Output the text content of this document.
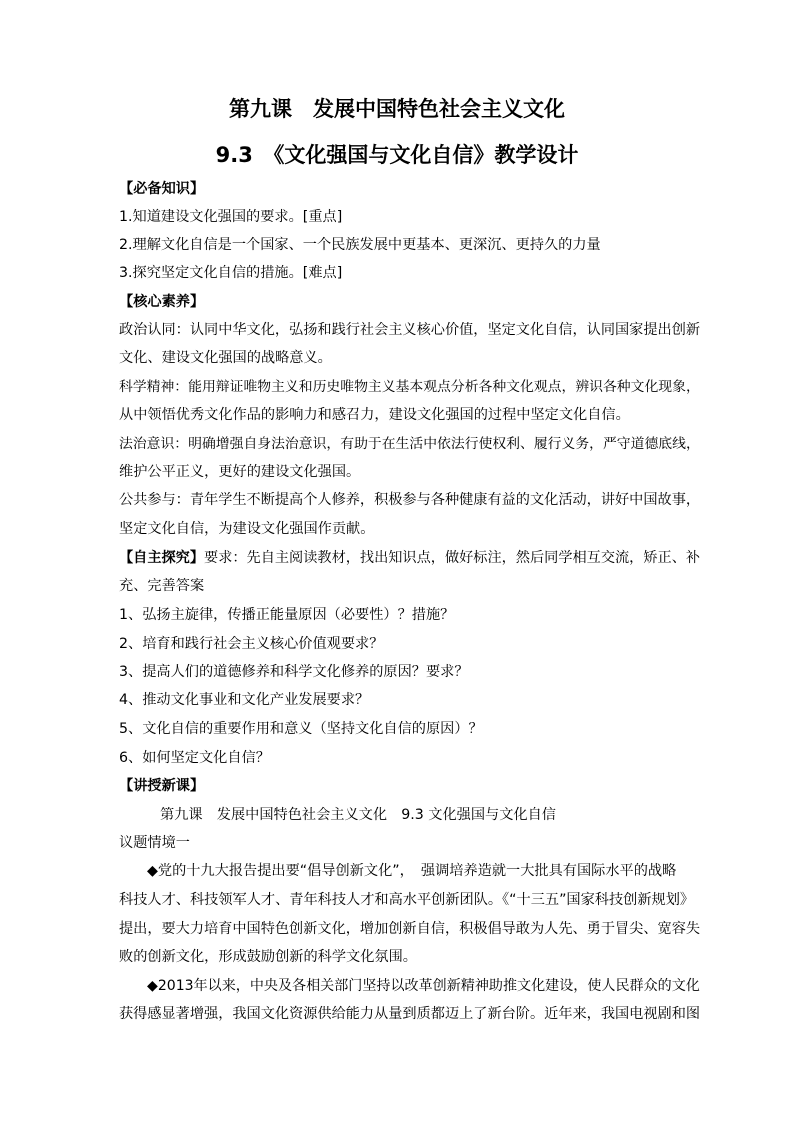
第九课　发展中国特色社会主义文化
9.3　《文化强国与文化自信》教学设计
【必备知识】
1.知道建设文化强国的要求。[重点]
2.理解文化自信是一个国家、一个民族发展中更基本、更深沉、更持久的力量
3.探究坚定文化自信的措施。[难点]
【核心素养】
政治认同：认同中华文化，弘扬和践行社会主义核心价值，坚定文化自信，认同国家提出创新
文化、建设文化强国的战略意义。
科学精神：能用辩证唯物主义和历史唯物主义基本观点分析各种文化观点，辨识各种文化现象，
从中领悟优秀文化作品的影响力和感召力，建设文化强国的过程中坚定文化自信。
法治意识：明确增强自身法治意识，有助于在生活中依法行使权利、履行义务，严守道德底线，
维护公平正义，更好的建设文化强国。
公共参与：青年学生不断提高个人修养，积极参与各种健康有益的文化活动，讲好中国故事，
坚定文化自信，为建设文化强国作贡献。
【自主探究】要求：先自主阅读教材，找出知识点，做好标注，然后同学相互交流，矫正、补
充、完善答案
1、弘扬主旋律，传播正能量原因（必要性）？措施？
2、培育和践行社会主义核心价值观要求？
3、提高人们的道德修养和科学文化修养的原因？要求？
4、推动文化事业和文化产业发展要求？
5、文化自信的重要作用和意义（坚持文化自信的原因）？
6、如何坚定文化自信？
【讲授新课】
第九课　发展中国特色社会主义文化　9.3 文化强国与文化自信
议题情境一
◆党的十九大报告提出要“倡导创新文化”，　强调培养造就一大批具有国际水平的战略
科技人才、科技领军人才、青年科技人才和高水平创新团队。《“十三五”国家科技创新规划》
提出，要大力培育中国特色创新文化，增加创新自信，积极倡导敢为人先、勇于冒尖、宽容失
败的创新文化，形成鼓励创新的科学文化氛围。
◆2013年以来，中央及各相关部门坚持以改革创新精神助推文化建设，使人民群众的文化
获得感显著增强，我国文化资源供给能力从量到质都迈上了新台阶。近年来，我国电视剧和图
